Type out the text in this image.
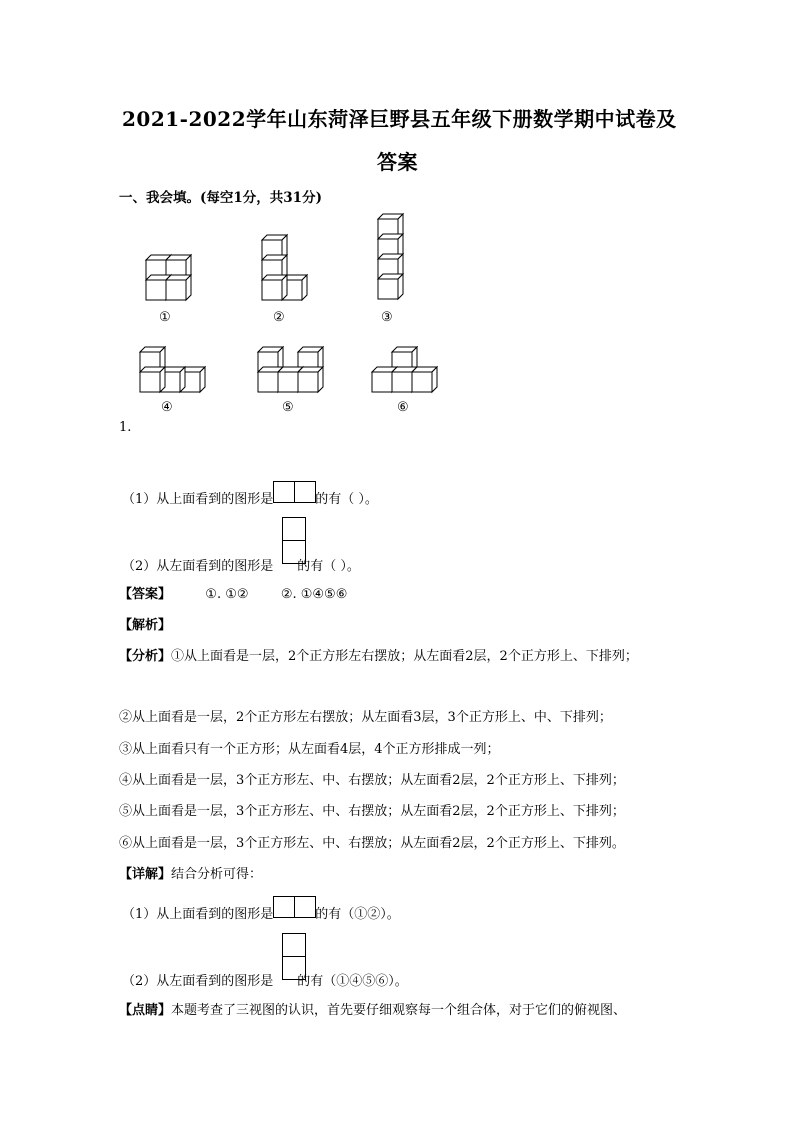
2021-2022学年山东菏泽巨野县五年级下册数学期中试卷及
答案
一、我会填。(每空1分，共31分)
①	②	③
④	⑤	⑥
1.
（1）从上面看到的图形是	的有（ ）。
（2）从左面看到的图形是 的有（ ）。
【答案】	①. ①② ②. ①④⑤⑥
【解析】
【分析】①从上面看是一层，2个正方形左右摆放；从左面看2层，2个正方形上、下排列；
②从上面看是一层，2个正方形左右摆放；从左面看3层，3个正方形上、中、下排列；
③从上面看只有一个正方形；从左面看4层，4个正方形排成一列；
④从上面看是一层，3个正方形左、中、右摆放；从左面看2层，2个正方形上、下排列；
⑤从上面看是一层，3个正方形左、中、右摆放；从左面看2层，2个正方形上、下排列；
⑥从上面看是一层，3个正方形左、中、右摆放；从左面看2层，2个正方形上、下排列。
【详解】结合分析可得：
（1）从上面看到的图形是	的有（①②）。
（2）从左面看到的图形是 的有（①④⑤⑥）。
【点睛】本题考查了三视图的认识，首先要仔细观察每一个组合体，对于它们的俯视图、
